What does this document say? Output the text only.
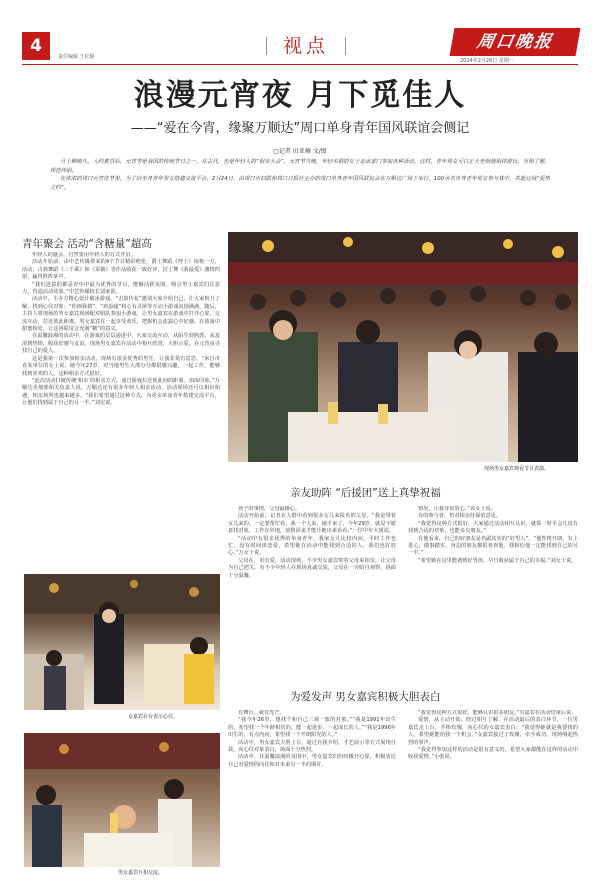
4
责任编辑 王松静	视点	周口晚报
2024年2月26日 星期一
浪漫元宵夜 月下觅佳人
——“爱在今宵，缘聚万顺达”周口单身青年国风联谊会侧记
□记者 田亚楠 文/图

月上柳梢头，人约黄昏后。元宵节是我国的传统节日之一，在古代，也是年轻人的“相亲大会”。元宵节当晚，年轻未婚的女子走出家门参加各种活动，这时，青年男女可以正大光明地相伴游玩，互相了解，择佳伴侣。

在浓浓的周口元宵佳节里，为了给单身青年男女搭建交流平台，2月24日，由周口市妇联和周口日报社主办的周口单身青年国风联谊会在万顺达广场下举行，100余名单身青年男女参与其中，共赴这场“爱情之约”。

青年聚会 活动“含糖量”超高

年轻人的盛会，自然要用年轻人的方式开启。

活动开始前，由中艺传媒带来的4个节目精彩绝伦，爵士舞蹈《怦士》惊艳一方，活动，古典舞蹈《三千乘》和《采薇》等作品收获一致好评，拉丁舞《我最爱》激情四射，赢得阵阵掌声。

“我们选拔的都是青年中最为优秀的节目，能够活跃氛围，吸引男士嘉宾们注意力，营造活动效果。”中艺传媒校长刘家说。

活动中，主办方精心设计破冰游戏，“击鼓传花”邀请大家介绍自己，让大家相互了解，找到心仪对象；“你画我猜”、“鸡蛋碰”和心有灵犀等互动小游戏氛围满满，随后，主持人将现场的男女嘉宾现场配对组队参加小游戏，让男女嘉宾在游戏中打开心扉，交流互动，拉近彼此距离。男女嘉宾在一起享受欢乐，把握机会流露心中好感，在游戏中甜蜜相处，让这场联谊会充满“糖”的意义。

在温馨浪漫的活动中，在游戏的层层递进中，大家交流互动，从陌生到熟悉，从羞涩到热情，收获好感与友谊。现场男女嘉宾在活动中相互欣赏，大胆示爱，在元宵夜寻找自己的爱人。

这是我第一次参加相亲活动，现场有很多优秀的男生，让我非常有意思，“来自市直某单位的女士说，她今年27岁，对当地男生大部分分都很感兴趣，一起工作，能够找到喜欢的人，这种相亲方式很好。

“此次活动打破传统‘相亲’的相亲方式，通过游戏拉近彼此间的距离，加深印象。”万顺达企划部相关负责人说，万顺达还有很多年轻人相亲活动，活动现场还可以相识相遇，相亲场所也越来越多。“我们希望通过这种方式，为更多单身青年搭建交流平台，让他们找到属于自己的另一半。”刘宏说。

女嘉宾在台表示心仪。
男女嘉宾互相交流。
现场男女嘉宾观看节目表演。
亲友助阵 “后援团”送上真挚祝福

孩子的事情，父母最操心。

活动开始前，记者在人群中看到很多女儿来报名的父母，“我是带着女儿来的，一定要帮忙看，我一个人来，她才来了，今年29岁，就是不愿意找对象，工作在外地，放假回来才能让她出来看看。”一位中年大姐说。

“活动中有很多优秀的单身青年，我家女儿比较内向，平时工作也忙，没有时间谈恋爱，希望她在活动中能找到合适的人，我们也好放心。”万女士说。

父母在，更有爱，活动现场，不少男女嘉宾带着父母来相亲，让父母为自己把关。有不少年轻人在现场真诚交流，父母在一旁暗自观察，场面十分温馨。

情况，让我非常放心。”该女士说。

有的参与者，仍对相亲持保留意见。

“我觉得这种方式很好，大家通过活动相互认识，就算一时半会儿没有找到合适的对象，也能多交朋友。”

在他看来，自己的好朋友是名副其实的“好男人”，“他性格开朗，有上进心，做事踏实，身边的朋友都很喜欢他，我相信他一定能找到自己的另一半。”

“希望她在这里能遇到好男孩，早日收获属于自己的幸福。”刘女士说。

为爱发声 男女嘉宾积极大胆表白

有舞台，就有光芒。

“我今年26岁，想找个和自己三观一致的对象。”“我是1991年出生的，希望找一个年龄相仿的，能一起进步、一起成长的人。”“我是1996年出生的，有点内向，希望找一个开朗阳光的人。”

活动中，男女嘉宾大胆上台，通过自我介绍、才艺展示等方式展现自我，向心仪对象表白，场面十分热烈。

活动中，在温馨浪漫的氛围中，男女嘉宾们纷纷敞开心扉，积极表达自己对爱情的向往和对未来另一半的期许。

“我觉得这种方式很好，能够认识很多朋友。”有嘉宾在活动结束后说。

爱情，从主动开始。经过相互了解，在活动最后的表白环节，一位男嘉宾走上台，手捧玫瑰，向心仪的女嘉宾表白：“我觉得她就是我要找的人，希望她能给我一个机会。”女嘉宾接过了玫瑰，牵手成功，现场响起热烈的掌声。

“我觉得参加这样的活动是很有意义的，希望大家都能在这样的活动中收获爱情。”小张说。
